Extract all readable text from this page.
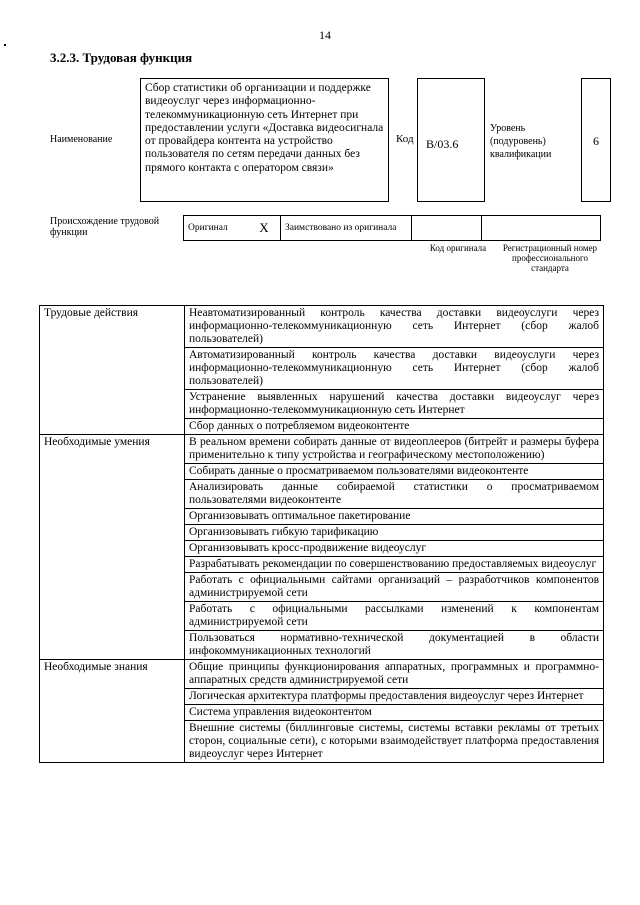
14
3.2.3. Трудовая функция
Наименование
Сбор статистики об организации и поддержке видеоуслуг через информационно-телекоммуникационную сеть Интернет при предоставлении услуги «Доставка видеосигнала от провайдера контента на устройство пользователя по сетям передачи данных без прямого контакта с оператором связи»
Код	B/03.6
Уровень (подуровень) квалификации
6
Происхождение трудовой функции	Оригинал	X	Заимствовано из оригинала		
Код оригинала	Регистрационный номер профессионального стандарта
Трудовые действия	Неавтоматизированный контроль качества доставки видеоуслуги через информационно-телекоммуникационную сеть Интернет (сбор жалоб пользователей)
	Автоматизированный контроль качества доставки видеоуслуги через информационно-телекоммуникационную сеть Интернет (сбор жалоб пользователей)
	Устранение выявленных нарушений качества доставки видеоуслуг через информационно-телекоммуникационную сеть Интернет
	Сбор данных о потребляемом видеоконтенте
Необходимые умения	В реальном времени собирать данные от видеоплееров (битрейт и размеры буфера применительно к типу устройства и географическому местоположению)
	Собирать данные о просматриваемом пользователями видеоконтенте
	Анализировать данные собираемой статистики о просматриваемом пользователями видеоконтенте
	Организовывать оптимальное пакетирование
	Организовывать гибкую тарификацию
	Организовывать кросс-продвижение видеоуслуг
	Разрабатывать рекомендации по совершенствованию предоставляемых видеоуслуг
	Работать с официальными сайтами организаций – разработчиков компонентов администрируемой сети
	Работать с официальными рассылками изменений к компонентам администрируемой сети
	Пользоваться нормативно-технической документацией в области инфокоммуникационных технологий
Необходимые знания	Общие принципы функционирования аппаратных, программных и программно-аппаратных средств администрируемой сети
	Логическая архитектура платформы предоставления видеоуслуг через Интернет
	Система управления видеоконтентом
	Внешние системы (биллинговые системы, системы вставки рекламы от третьих сторон, социальные сети), с которыми взаимодействует платформа предоставления видеоуслуг через Интернет
